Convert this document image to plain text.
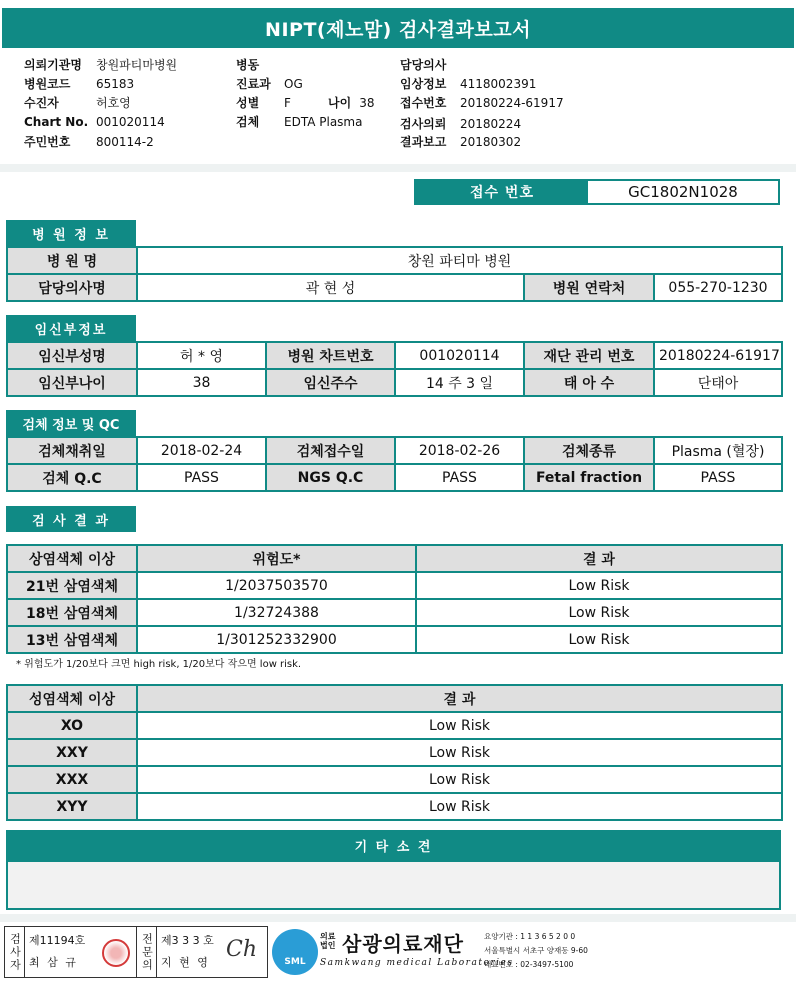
NIPT(제노맘) 검사결과보고서
의뢰기관명 창원파티마병원
병원코드 65183
수진자	허호영
Chart No. 001020114
주민번호 800114-2
병동
진료과 OG
성별 F	나이 38
검체 EDTA Plasma
담당의사
임상정보 4118002391
접수번호 20180224-61917
검사의뢰 20180224
결과보고 20180302
접수 번호	GC1802N1028
병 원 정 보
병 원 명	창원 파티마 병원		
담당의사명	곽 현 성	병원 연락처	055-270-1230
임신부정보
임신부성명	허 * 영	병원 차트번호	001020114	재단 관리 번호	20180224-61917
임신부나이	38	임신주수	14 주 3 일	태 아 수	단태아
검체 정보 및 QC
검체채취일	2018-02-24	검체접수일	2018-02-26	검체종류	Plasma (혈장)
검체 Q.C	PASS	NGS Q.C	PASS	Fetal fraction	PASS
검 사 결 과
상염색체 이상	위험도*	결 과
21번 삼염색체	1/2037503570	Low Risk
18번 삼염색체	1/32724388	Low Risk
13번 삼염색체	1/301252332900	Low Risk
* 위험도가 1/20보다 크면 high risk, 1/20보다 작으면 low risk.
성염색체 이상	결 과
XO	Low Risk
XXY	Low Risk
XXX	Low Risk
XYY	Low Risk
기 타 소 견
검사자 제11194호
최 삼 규	전문의 제3 3 3 호
지 현 영
Ch	SML
의료
법인 삼광의료재단
Samkwang medical Laboratories
요양기관 : 1 1 3 6 5 2 0 0
서울특별시 서초구 양재동 9-60
대표번호 : 02-3497-5100
